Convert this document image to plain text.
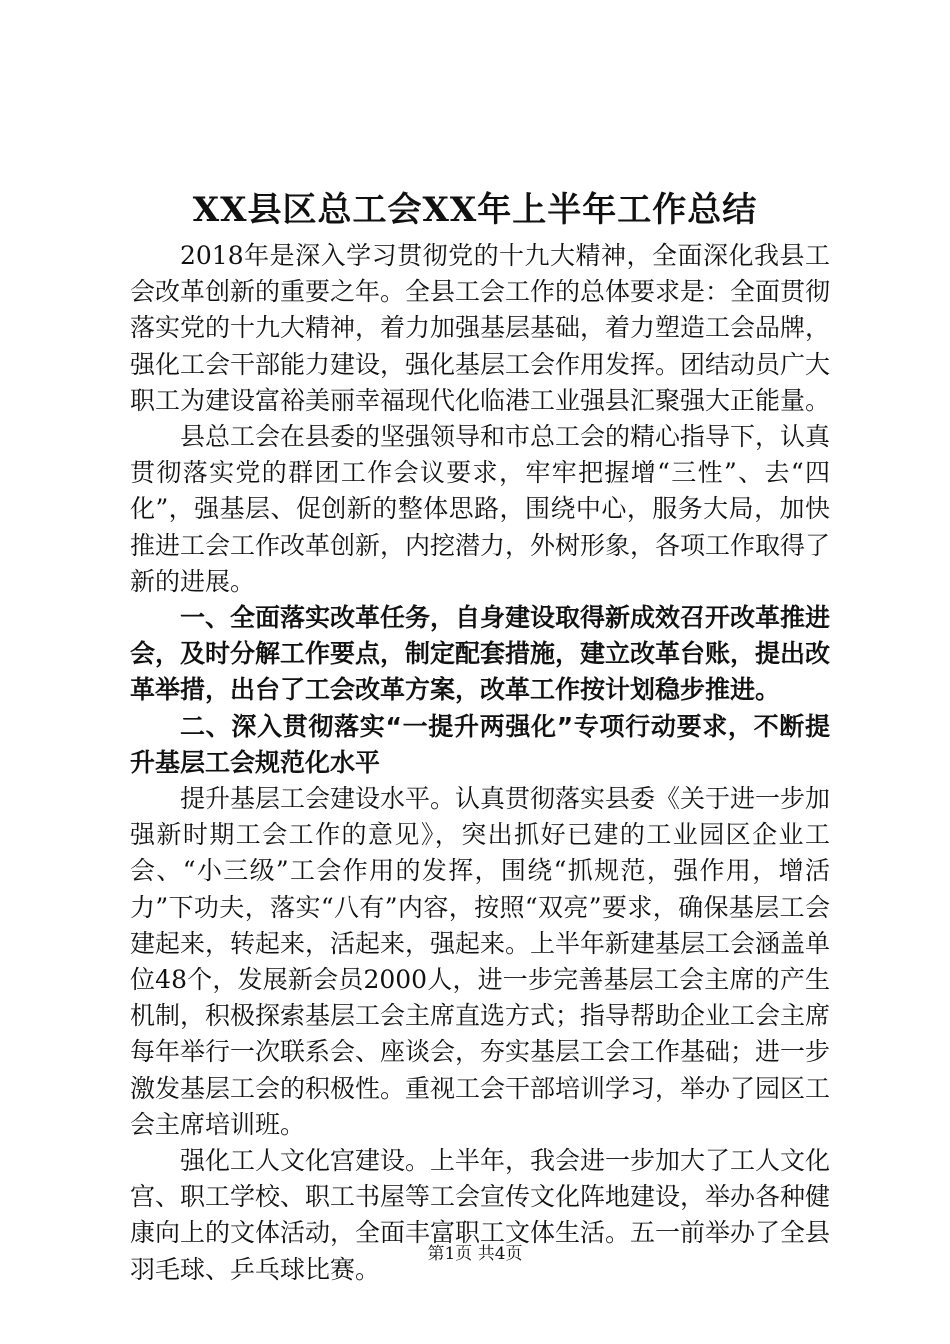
XX县区总工会XX年上半年工作总结

2018年是深入学习贯彻党的十九大精神，全面深化我县工会改革创新的重要之年。全县工会工作的总体要求是：全面贯彻落实党的十九大精神，着力加强基层基础，着力塑造工会品牌，强化工会干部能力建设，强化基层工会作用发挥。团结动员广大职工为建设富裕美丽幸福现代化临港工业强县汇聚强大正能量。

县总工会在县委的坚强领导和市总工会的精心指导下，认真贯彻落实党的群团工作会议要求，牢牢把握增“三性”、去“四化”，强基层、促创新的整体思路，围绕中心，服务大局，加快推进工会工作改革创新，内挖潜力，外树形象，各项工作取得了新的进展。

一、全面落实改革任务，自身建设取得新成效召开改革推进会，及时分解工作要点，制定配套措施，建立改革台账，提出改革举措，出台了工会改革方案，改革工作按计划稳步推进。

二、深入贯彻落实“一提升两强化”专项行动要求，不断提升基层工会规范化水平

提升基层工会建设水平。认真贯彻落实县委《关于进一步加强新时期工会工作的意见》，突出抓好已建的工业园区企业工会、“小三级”工会作用的发挥，围绕“抓规范，强作用，增活力”下功夫，落实“八有”内容，按照“双亮”要求，确保基层工会建起来，转起来，活起来，强起来。上半年新建基层工会涵盖单位48个，发展新会员2000人，进一步完善基层工会主席的产生机制，积极探索基层工会主席直选方式；指导帮助企业工会主席每年举行一次联系会、座谈会，夯实基层工会工作基础；进一步激发基层工会的积极性。重视工会干部培训学习，举办了园区工会主席培训班。

强化工人文化宫建设。上半年，我会进一步加大了工人文化宫、职工学校、职工书屋等工会宣传文化阵地建设，举办各种健康向上的文体活动，全面丰富职工文体生活。五一前举办了全县羽毛球、乒乓球比赛。

第1页 共4页
